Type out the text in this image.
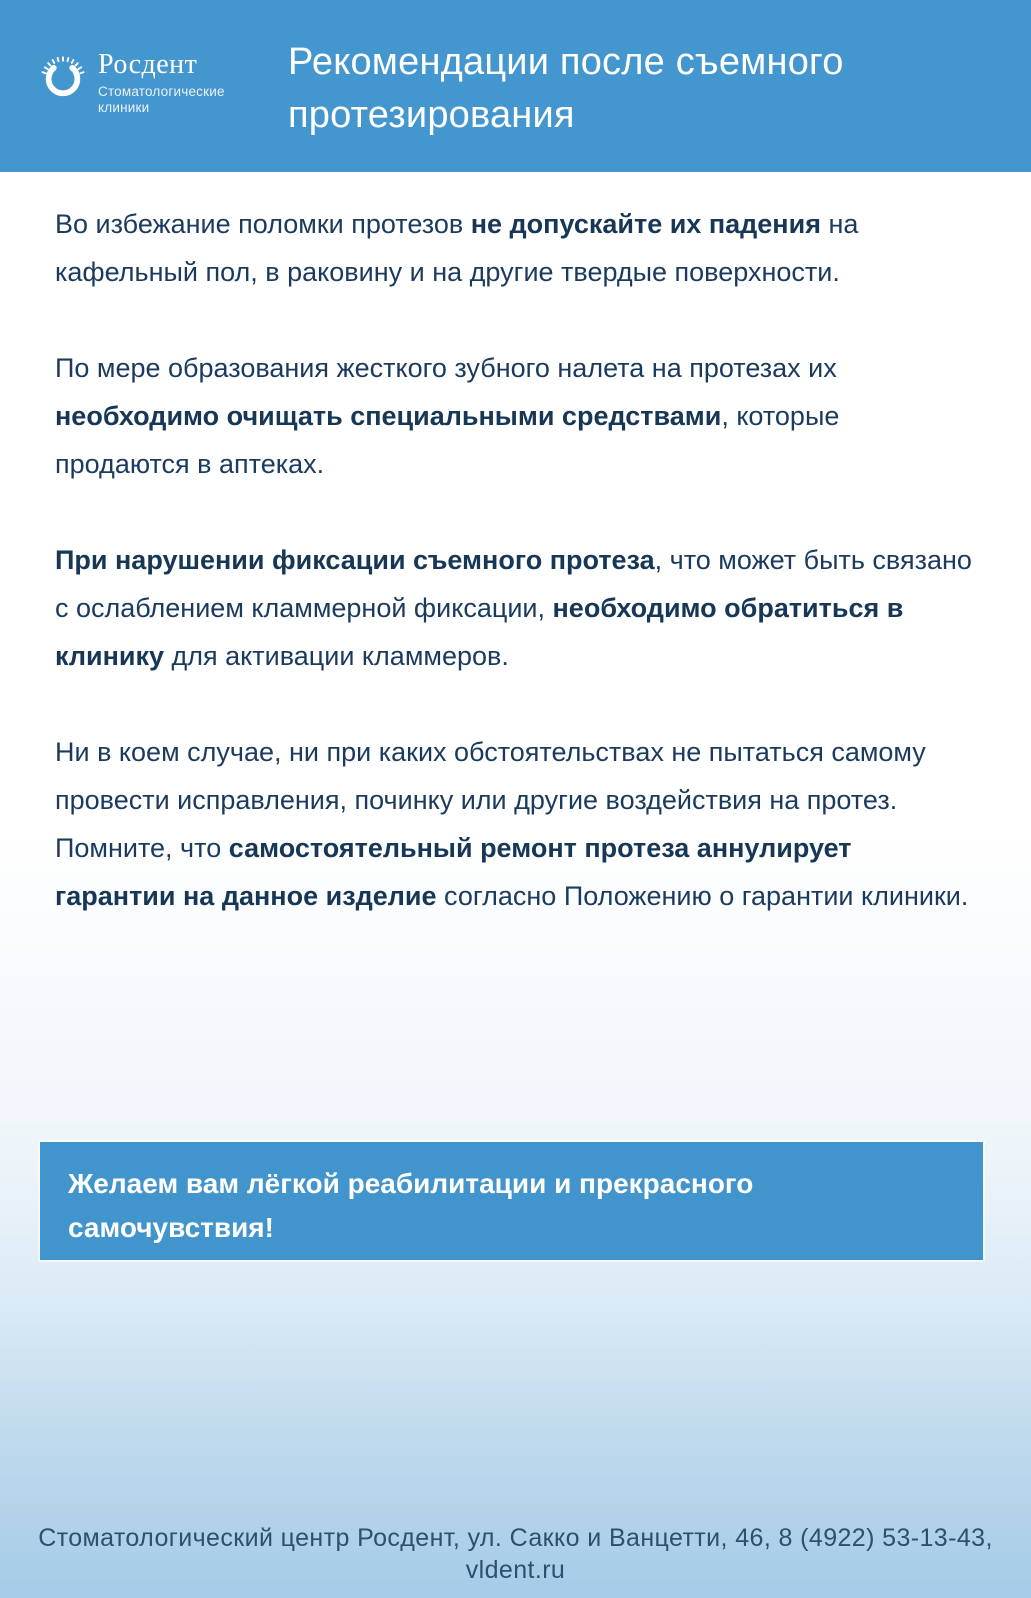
Росдент
Стоматологические
клиники
Рекомендации после съемного протезирования

Во избежание поломки протезов не допускайте их падения на кафельный пол, в раковину и на другие твердые поверхности.

По мере образования жесткого зубного налета на протезах их необходимо очищать специальными средствами, которые продаются в аптеках.

При нарушении фиксации съемного протеза, что может быть связано с ослаблением кламмерной фиксации, необходимо обратиться в клинику для активации кламмеров.

Ни в коем случае, ни при каких обстоятельствах не пытаться самому провести исправления, починку или другие воздействия на протез. Помните, что самостоятельный ремонт протеза аннулирует гарантии на данное изделие согласно Положению о гарантии клиники.

Желаем вам лёгкой реабилитации и прекрасного самочувствия!
Стоматологический центр Росдент, ул. Сакко и Ванцетти, 46, 8 (4922) 53-13-43, vldent.ru
